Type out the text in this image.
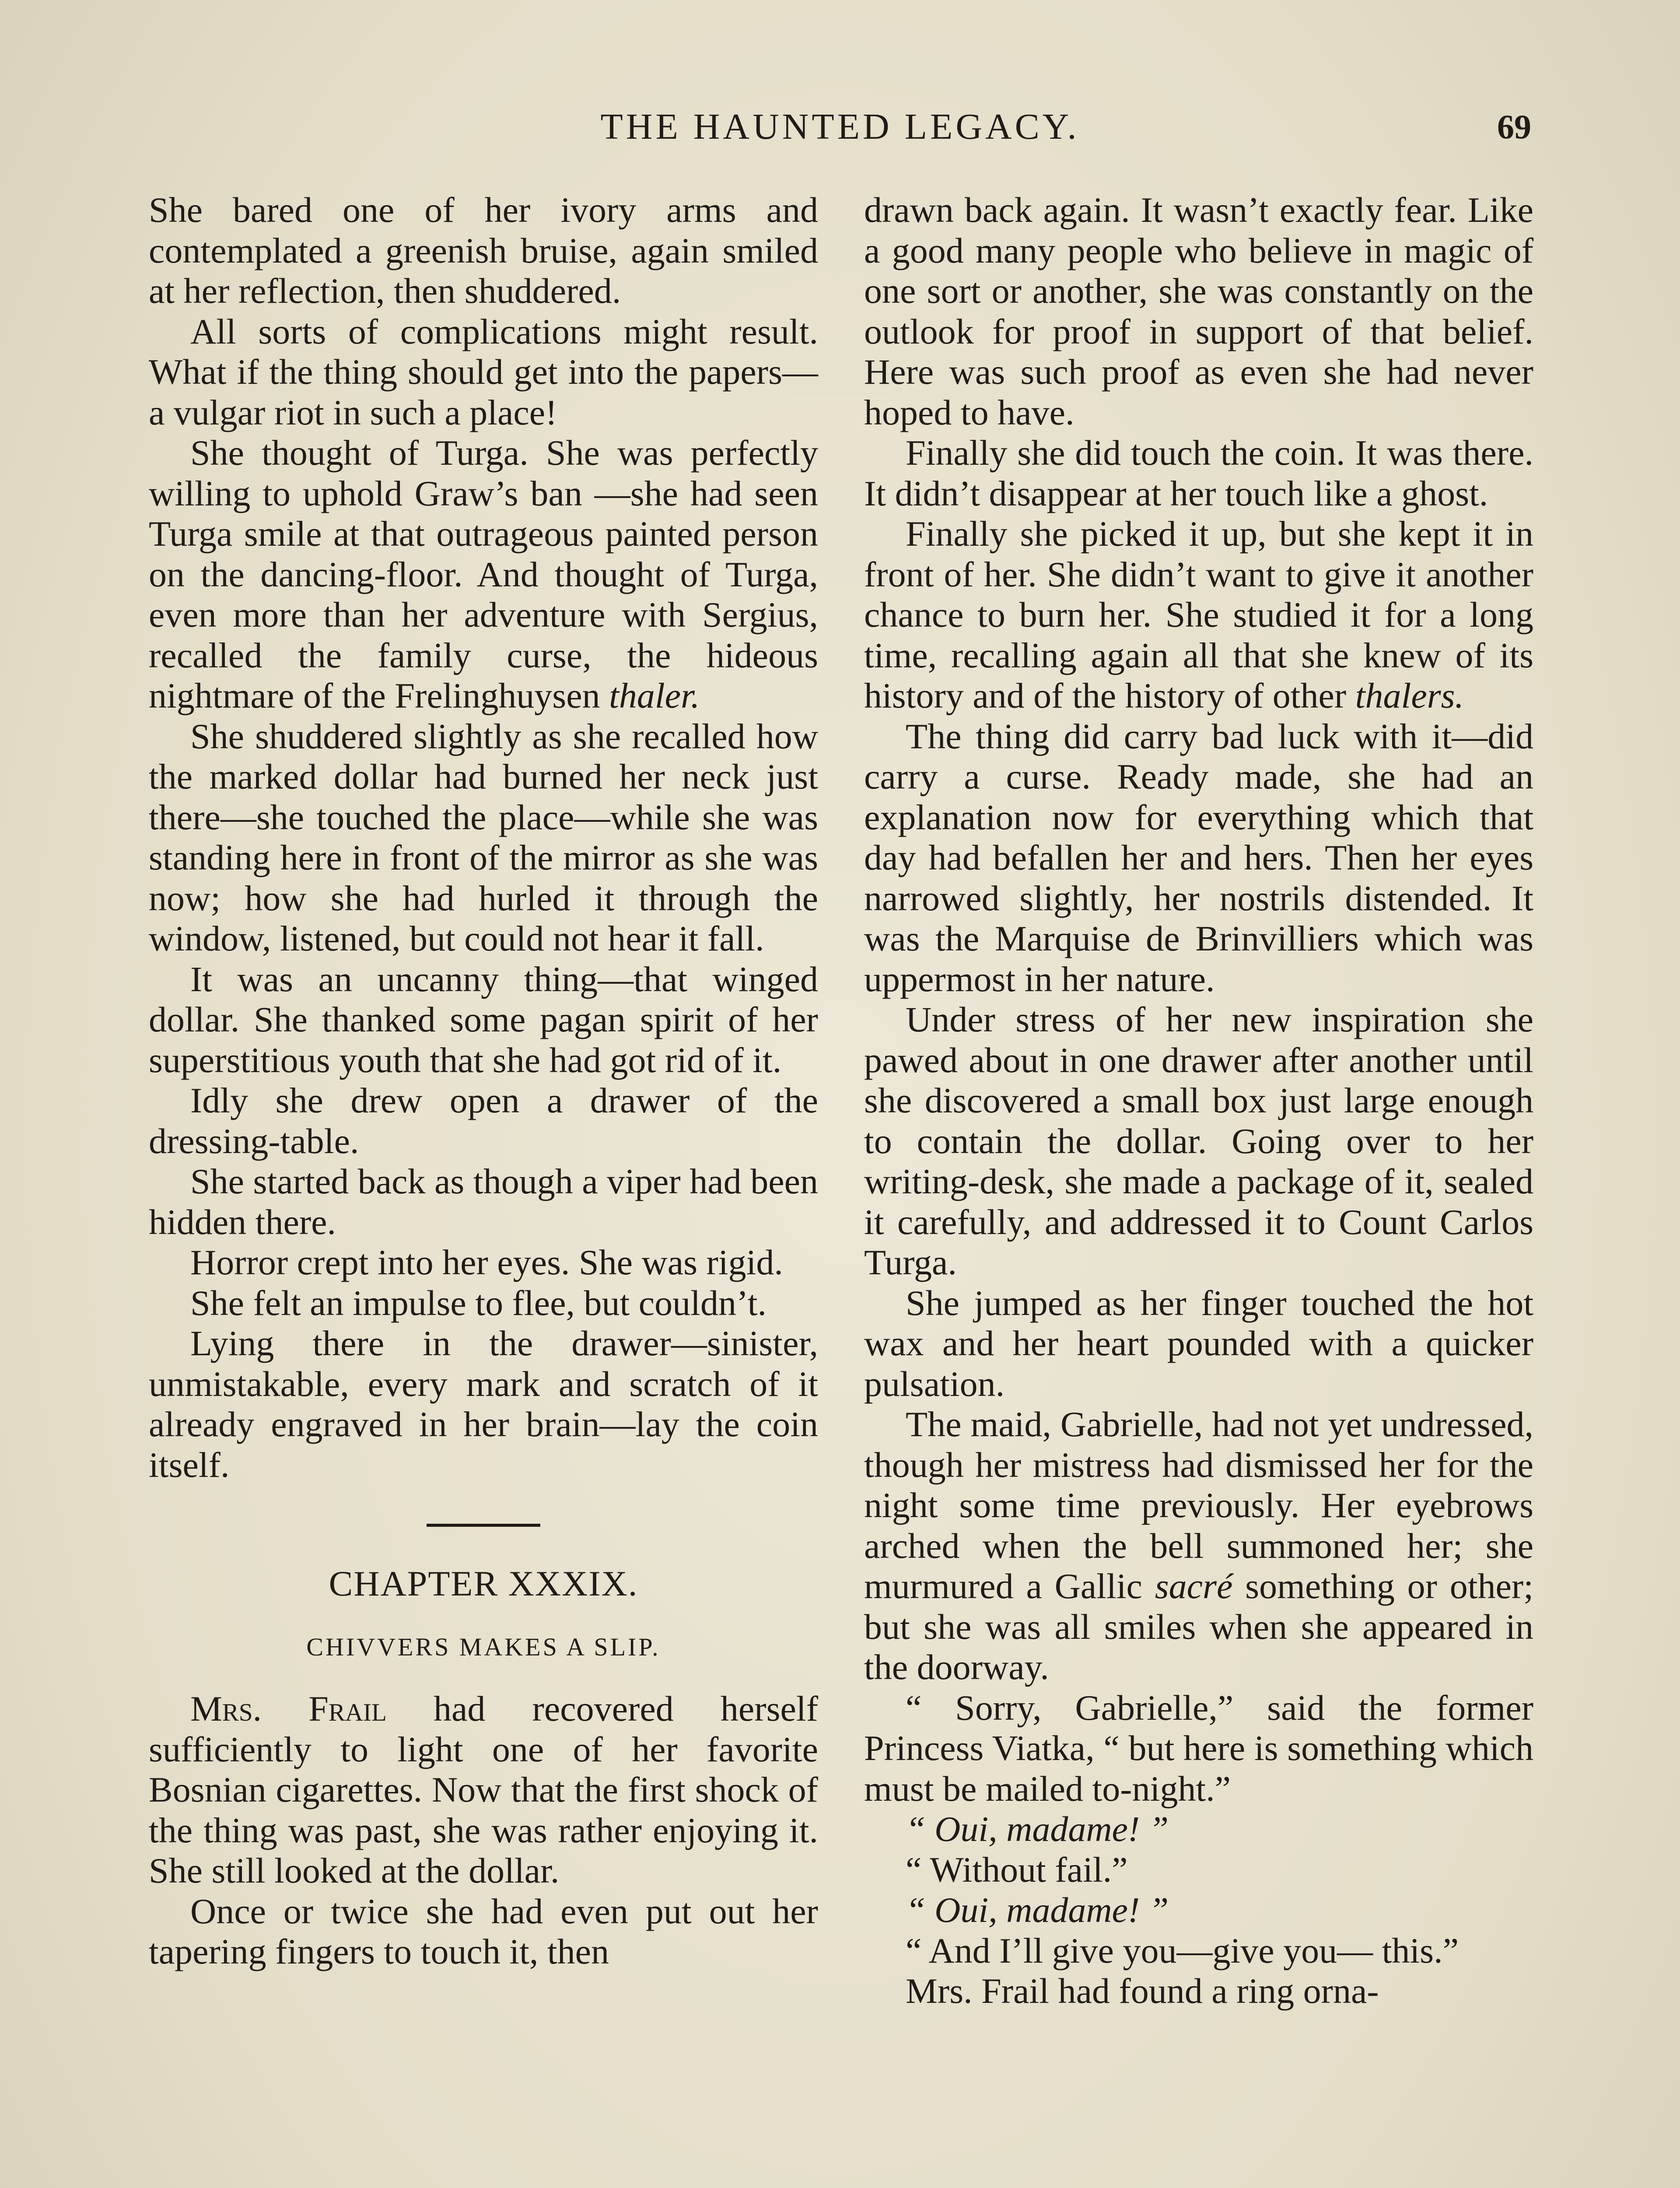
THE HAUNTED LEGACY.	69

She bared one of her ivory arms and contemplated a greenish bruise, again smiled at her reflection, then shuddered.

All sorts of complications might result. What if the thing should get into the papers—a vulgar riot in such a place!

She thought of Turga. She was perfectly willing to uphold Graw’s ban —she had seen Turga smile at that outrageous painted person on the dancing-floor. And thought of Turga, even more than her adventure with Sergius, recalled the family curse, the hideous nightmare of the Frelinghuysen thaler.

She shuddered slightly as she recalled how the marked dollar had burned her neck just there—she touched the place—while she was standing here in front of the mirror as she was now; how she had hurled it through the window, listened, but could not hear it fall.

It was an uncanny thing—that winged dollar. She thanked some pagan spirit of her superstitious youth that she had got rid of it.

Idly she drew open a drawer of the dressing-table.

She started back as though a viper had been hidden there.

Horror crept into her eyes. She was rigid.

She felt an impulse to flee, but couldn’t.

Lying there in the drawer—sinister, unmistakable, every mark and scratch of it already engraved in her brain—lay the coin itself.

CHAPTER XXXIX.
CHIVVERS MAKES A SLIP.

Mrs. Frail had recovered herself sufficiently to light one of her favorite Bosnian cigarettes. Now that the first shock of the thing was past, she was rather enjoying it. She still looked at the dollar.

Once or twice she had even put out her tapering fingers to touch it, then

drawn back again. It wasn’t exactly fear. Like a good many people who believe in magic of one sort or another, she was constantly on the outlook for proof in support of that belief. Here was such proof as even she had never hoped to have.

Finally she did touch the coin. It was there. It didn’t disappear at her touch like a ghost.

Finally she picked it up, but she kept it in front of her. She didn’t want to give it another chance to burn her. She studied it for a long time, recalling again all that she knew of its history and of the history of other thalers.

The thing did carry bad luck with it—did carry a curse. Ready made, she had an explanation now for everything which that day had befallen her and hers. Then her eyes narrowed slightly, her nostrils distended. It was the Marquise de Brinvilliers which was uppermost in her nature.

Under stress of her new inspiration she pawed about in one drawer after another until she discovered a small box just large enough to contain the dollar. Going over to her writing-desk, she made a package of it, sealed it carefully, and addressed it to Count Carlos Turga.

She jumped as her finger touched the hot wax and her heart pounded with a quicker pulsation.

The maid, Gabrielle, had not yet undressed, though her mistress had dismissed her for the night some time previously. Her eyebrows arched when the bell summoned her; she murmured a Gallic sacré something or other; but she was all smiles when she appeared in the doorway.

“ Sorry, Gabrielle,” said the former Princess Viatka, “ but here is something which must be mailed to-night.”

“ Oui, madame! ”

“ Without fail.”

“ Oui, madame! ”

“ And I’ll give you—give you— this.”

Mrs. Frail had found a ring orna-
